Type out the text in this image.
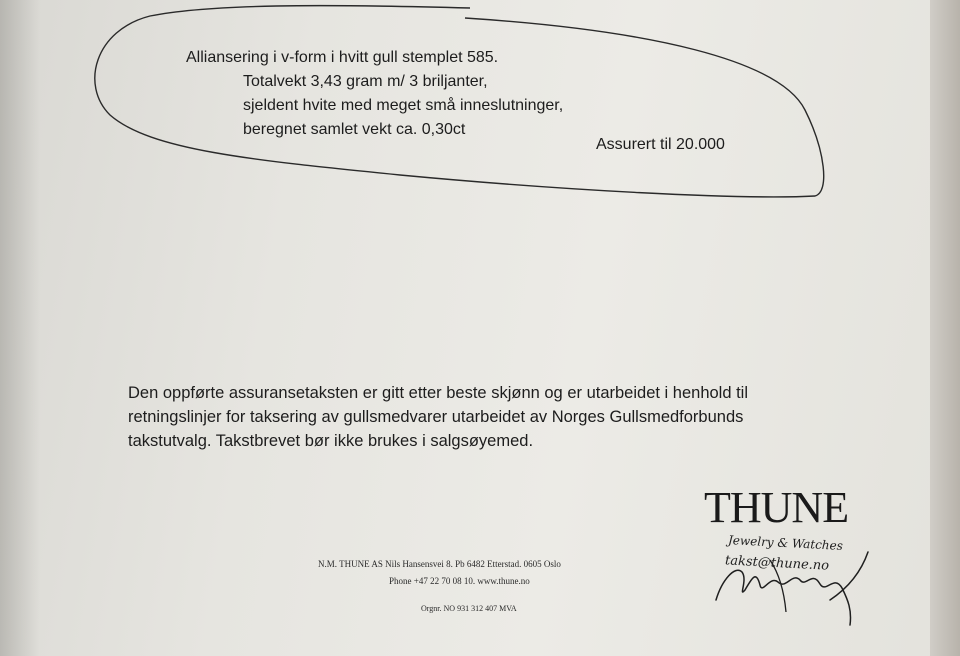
Alliansering i v-form i hvitt gull stemplet 585.
Totalvekt 3,43 gram m/ 3 briljanter,
sjeldent hvite med meget små inneslutninger,
beregnet samlet vekt ca. 0,30ct
Assurert til 20.000
Den oppførte assuransetaksten er gitt etter beste skjønn og er utarbeidet i henhold til
retningslinjer for taksering av gullsmedvarer utarbeidet av Norges Gullsmedforbunds
takstutvalg. Takstbrevet bør ikke brukes i salgsøyemed.
N.M. THUNE AS Nils Hansensvei 8. Pb 6482 Etterstad. 0605 Oslo
Phone +47 22 70 08 10. www.thune.no
Orgnr. NO 931 312 407 MVA
THUNE
Jewelry & Watches
takst@thune.no
